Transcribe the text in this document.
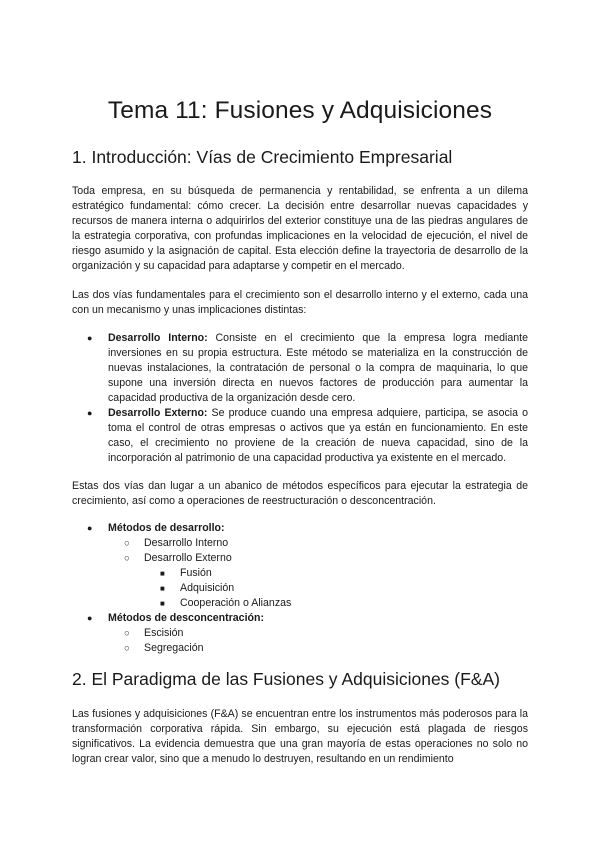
Tema 11: Fusiones y Adquisiciones
1. Introducción: Vías de Crecimiento Empresarial

Toda empresa, en su búsqueda de permanencia y rentabilidad, se enfrenta a un dilema estratégico fundamental: cómo crecer. La decisión entre desarrollar nuevas capacidades y recursos de manera interna o adquirirlos del exterior constituye una de las piedras angulares de la estrategia corporativa, con profundas implicaciones en la velocidad de ejecución, el nivel de riesgo asumido y la asignación de capital. Esta elección define la trayectoria de desarrollo de la organización y su capacidad para adaptarse y competir en el mercado.

Las dos vías fundamentales para el crecimiento son el desarrollo interno y el externo, cada una con un mecanismo y unas implicaciones distintas:

● Desarrollo Interno: Consiste en el crecimiento que la empresa logra mediante inversiones en su propia estructura. Este método se materializa en la construcción de nuevas instalaciones, la contratación de personal o la compra de maquinaria, lo que supone una inversión directa en nuevos factores de producción para aumentar la capacidad productiva de la organización desde cero.
● Desarrollo Externo: Se produce cuando una empresa adquiere, participa, se asocia o toma el control de otras empresas o activos que ya están en funcionamiento. En este caso, el crecimiento no proviene de la creación de nueva capacidad, sino de la incorporación al patrimonio de una capacidad productiva ya existente en el mercado.

Estas dos vías dan lugar a un abanico de métodos específicos para ejecutar la estrategia de crecimiento, así como a operaciones de reestructuración o desconcentración.

● Métodos de desarrollo:
○ Desarrollo Interno
○ Desarrollo Externo
■ Fusión
■ Adquisición
■ Cooperación o Alianzas
● Métodos de desconcentración:
○ Escisión
○ Segregación
2. El Paradigma de las Fusiones y Adquisiciones (F&A)

Las fusiones y adquisiciones (F&A) se encuentran entre los instrumentos más poderosos para la transformación corporativa rápida. Sin embargo, su ejecución está plagada de riesgos significativos. La evidencia demuestra que una gran mayoría de estas operaciones no solo no logran crear valor, sino que a menudo lo destruyen, resultando en un rendimiento
